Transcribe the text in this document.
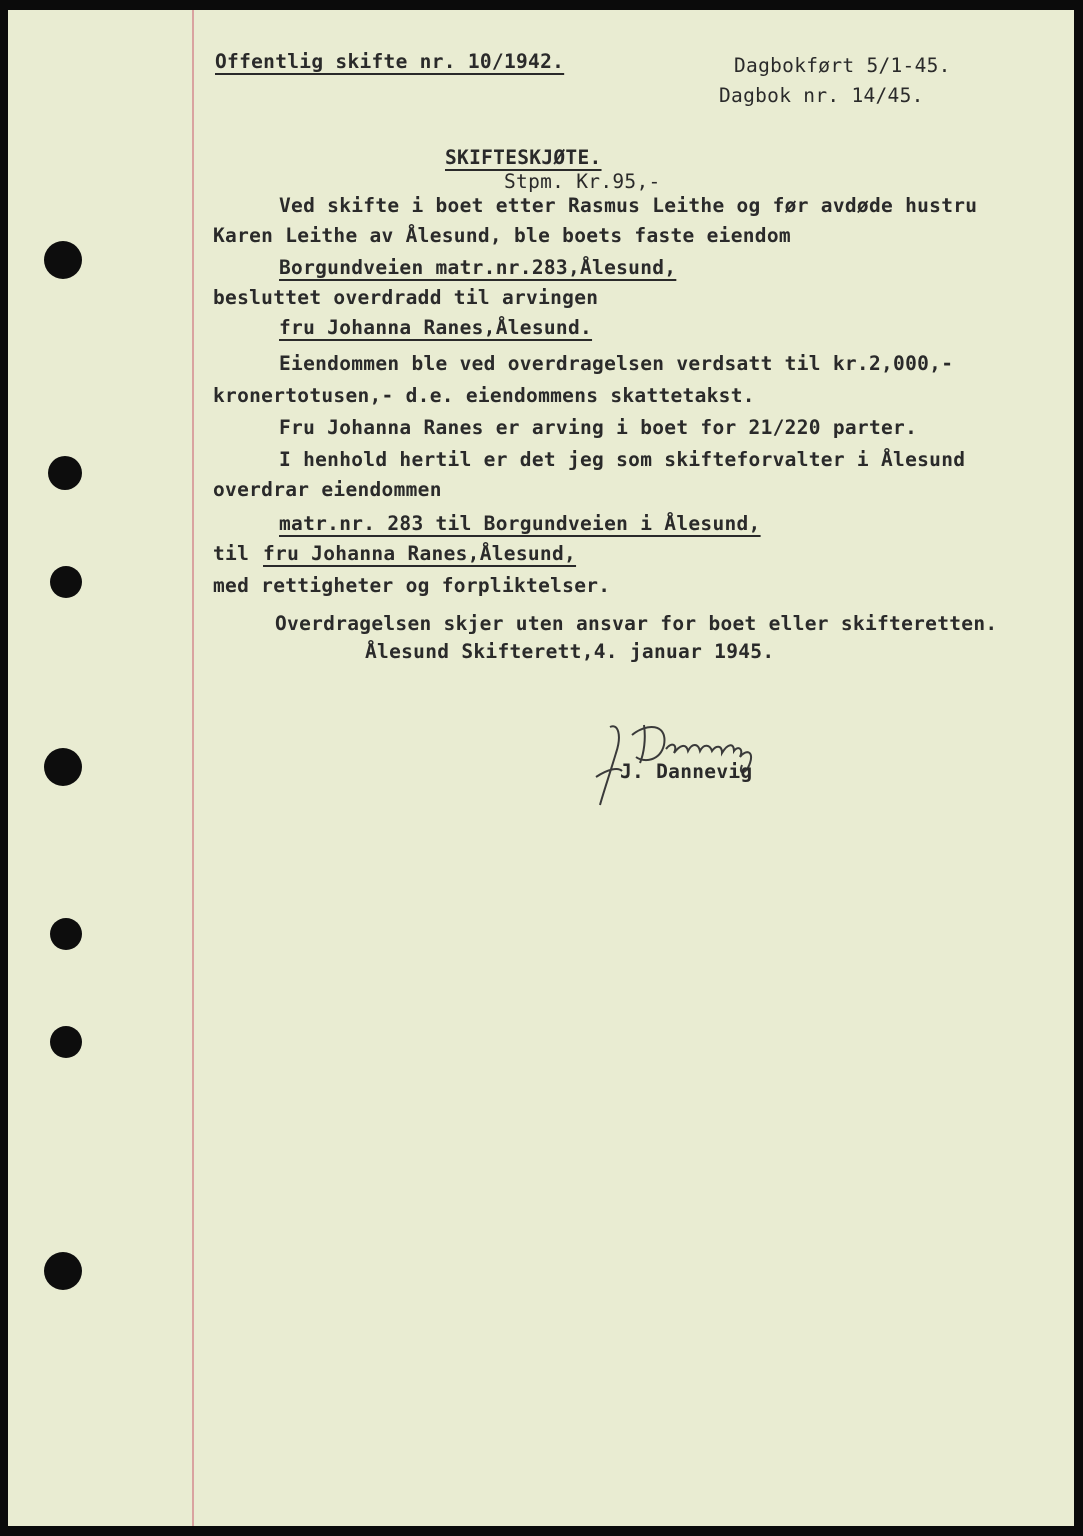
Offentlig skifte nr. 10/1942.	Dagbokført 5/1-45.
Dagbok nr. 14/45.
SKIFTESKJØTE.
Stpm. Kr.95,-
Ved skifte i boet etter Rasmus Leithe og før avdøde hustru
Karen Leithe av Ålesund, ble boets faste eiendom
Borgundveien matr.nr.283,Ålesund,
besluttet overdradd til arvingen
fru Johanna Ranes,Ålesund.
Eiendommen ble ved overdragelsen verdsatt til kr.2,000,-
kronertotusen,- d.e. eiendommens skattetakst.
Fru Johanna Ranes er arving i boet for 21/220 parter.
I henhold hertil er det jeg som skifteforvalter i Ålesund
overdrar eiendommen
matr.nr. 283 til Borgundveien i Ålesund,
til fru Johanna Ranes,Ålesund,
med rettigheter og forpliktelser.
Overdragelsen skjer uten ansvar for boet eller skifteretten.
Ålesund Skifterett,4. januar 1945.
J. Dannevig
